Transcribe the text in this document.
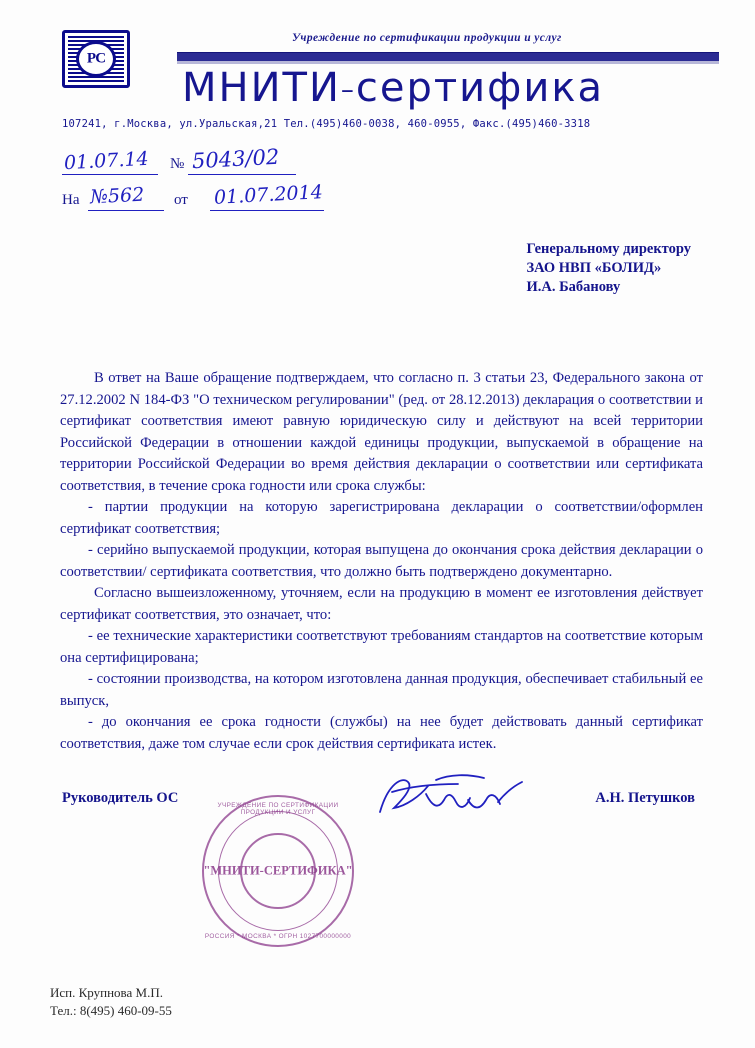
РС
Учреждение по сертификации продукции и услуг
МНИТИ–сертифика
107241, г.Москва, ул.Уральская,21 Тел.(495)460-0038, 460-0955, Факс.(495)460-3318
01.07.14 № 5043/02
На №562 от 01.07.2014
Генеральному директору
ЗАО НВП «БОЛИД»
И.А. Бабанову

В ответ на Ваше обращение подтверждаем, что согласно п. 3 статьи 23, Федерального закона от 27.12.2002 N 184-ФЗ "О техническом регулировании" (ред. от 28.12.2013) декларация о соответствии и сертификат соответствия имеют равную юридическую силу и действуют на всей территории Российской Федерации в отношении каждой единицы продукции, выпускаемой в обращение на территории Российской Федерации во время действия декларации о соответствии или сертификата соответствия, в течение срока годности или срока службы:

- партии продукции на которую зарегистрирована декларации о соответствии/оформлен сертификат соответствия;

- серийно выпускаемой продукции, которая выпущена до окончания срока действия декларации о соответствии/ сертификата соответствия, что должно быть подтверждено документарно.

Согласно вышеизложенному, уточняем, если на продукцию в момент ее изготовления действует сертификат соответствия, это означает, что:

- ее технические характеристики соответствуют требованиям стандартов на соответствие которым она сертифицирована;

- состоянии производства, на котором изготовлена данная продукция, обеспечивает стабильный ее выпуск,

- до окончания ее срока годности (службы) на нее будет действовать данный сертификат соответствия, даже том случае если срок действия сертификата истек.

Руководитель ОС	А.Н. Петушков
УЧРЕЖДЕНИЕ ПО СЕРТИФИКАЦИИ ПРОДУКЦИИ И УСЛУГ
"МНИТИ-СЕРТИФИКА"
РОССИЯ * МОСКВА * ОГРН 1027700000000
Исп. Крупнова М.П.
Тел.: 8(495) 460-09-55
